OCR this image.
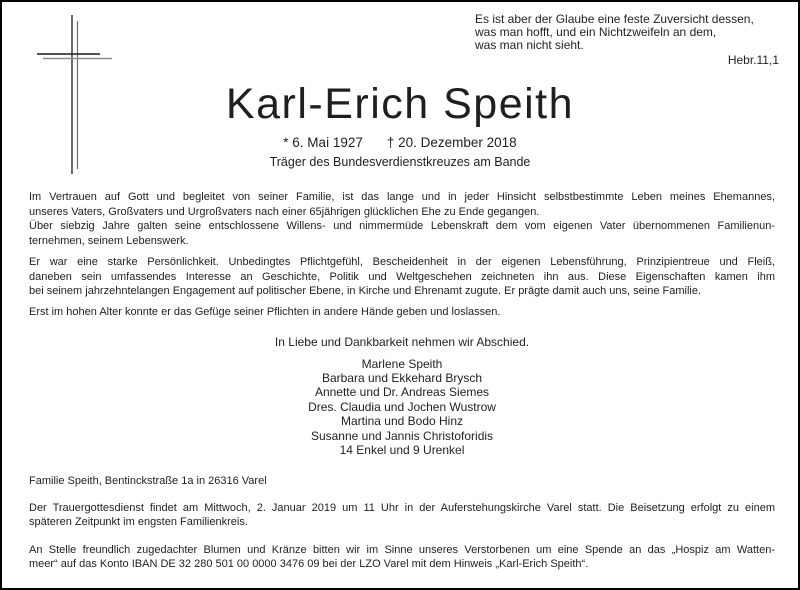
Es ist aber der Glaube eine feste Zuversicht dessen,
was man hofft, und ein Nichtzweifeln an dem,
was man nicht sieht.
Hebr.11,1
Karl-Erich Speith
* 6. Mai 1927 † 20. Dezember 2018
Träger des Bundesverdienstkreuzes am Bande
Im Vertrauen auf Gott und begleitet von seiner Familie, ist das lange und in jeder Hinsicht selbstbestimmte Leben meines Ehemannes,
unseres Vaters, Großvaters und Urgroßvaters nach einer 65jährigen glücklichen Ehe zu Ende gegangen.
Über siebzig Jahre galten seine entschlossene Willens- und nimmermüde Lebenskraft dem vom eigenen Vater übernommenen Familienun-
ternehmen, seinem Lebenswerk.
Er war eine starke Persönlichkeit. Unbedingtes Pflichtgefühl, Bescheidenheit in der eigenen Lebensführung, Prinzipientreue und Fleiß,
daneben sein umfassendes Interesse an Geschichte, Politik und Weltgeschehen zeichneten ihn aus. Diese Eigenschaften kamen ihm
bei seinem jahrzehntelangen Engagement auf politischer Ebene, in Kirche und Ehrenamt zugute. Er prägte damit auch uns, seine Familie.
Erst im hohen Alter konnte er das Gefüge seiner Pflichten in andere Hände geben und loslassen.
In Liebe und Dankbarkeit nehmen wir Abschied.
Marlene Speith
Barbara und Ekkehard Brysch
Annette und Dr. Andreas Siemes
Dres. Claudia und Jochen Wustrow
Martina und Bodo Hinz
Susanne und Jannis Christoforidis
14 Enkel und 9 Urenkel
Familie Speith, Bentinckstraße 1a in 26316 Varel
Der Trauergottesdienst findet am Mittwoch, 2. Januar 2019 um 11 Uhr in der Auferstehungskirche Varel statt. Die Beisetzung erfolgt zu einem
späteren Zeitpunkt im engsten Familienkreis.
An Stelle freundlich zugedachter Blumen und Kränze bitten wir im Sinne unseres Verstorbenen um eine Spende an das „Hospiz am Watten-
meer“ auf das Konto IBAN DE 32 280 501 00 0000 3476 09 bei der LZO Varel mit dem Hinweis „Karl-Erich Speith“.
